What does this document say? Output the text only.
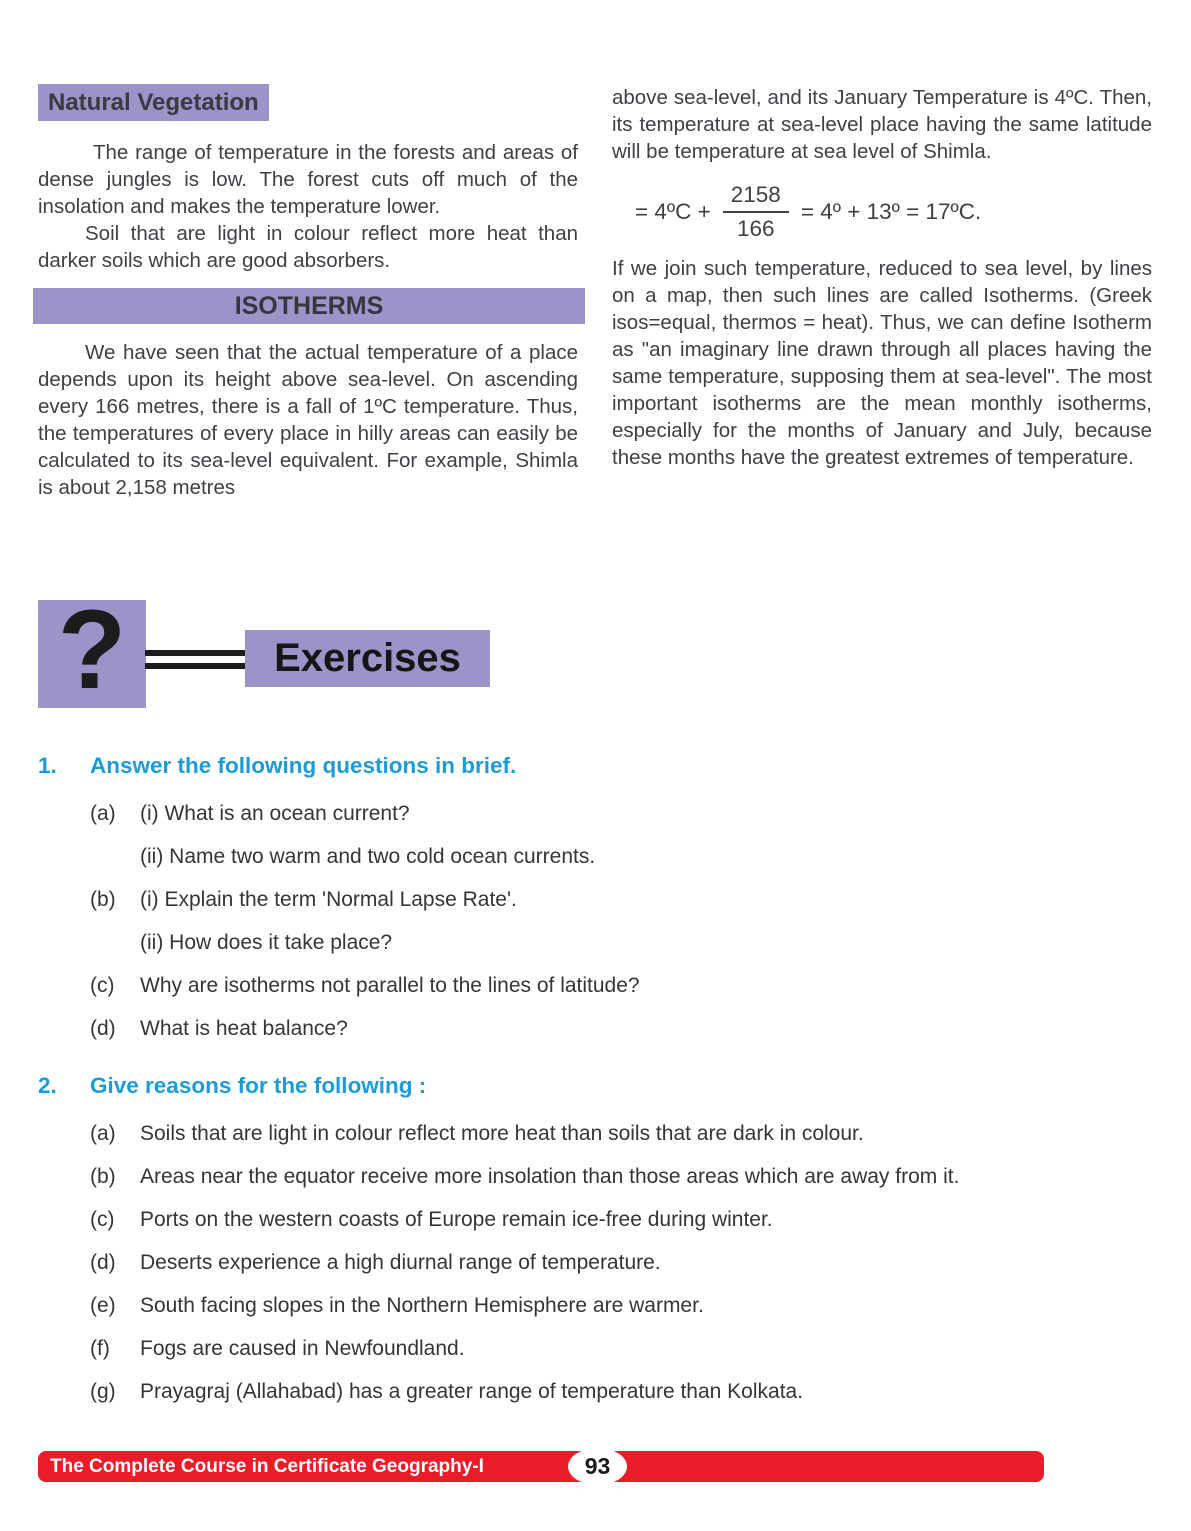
Natural Vegetation

The range of temperature in the forests and areas of dense jungles is low. The forest cuts off much of the insolation and makes the temperature lower.

Soil that are light in colour reflect more heat than darker soils which are good absorbers.

ISOTHERMS

We have seen that the actual temperature of a place depends upon its height above sea-level. On ascending every 166 metres, there is a fall of 1ºC temperature. Thus, the temperatures of every place in hilly areas can easily be calculated to its sea-level equivalent. For example, Shimla is about 2,158 metres

above sea-level, and its January Temperature is 4ºC. Then, its temperature at sea-level place having the same latitude will be temperature at sea level of Shimla.

= 4ºC + $\frac{2158}{166}$ = 4º + 13º = 17ºC.

If we join such temperature, reduced to sea level, by lines on a map, then such lines are called Isotherms. (Greek isos=equal, thermos = heat). Thus, we can define Isotherm as "an imaginary line drawn through all places having the same temperature, supposing them at sea-level". The most important isotherms are the mean monthly isotherms, especially for the months of January and July, because these months have the greatest extremes of temperature.

?	Exercises
1.	Answer the following questions in brief.
(a)	(i) What is an ocean current?
(ii) Name two warm and two cold ocean currents.
(b)	(i) Explain the term 'Normal Lapse Rate'.
(ii) How does it take place?
(c)	Why are isotherms not parallel to the lines of latitude?
(d)	What is heat balance?
2.	Give reasons for the following :
(a)	Soils that are light in colour reflect more heat than soils that are dark in colour.
(b)	Areas near the equator receive more insolation than those areas which are away from it.
(c)	Ports on the western coasts of Europe remain ice-free during winter.
(d)	Deserts experience a high diurnal range of temperature.
(e)	South facing slopes in the Northern Hemisphere are warmer.
(f)	Fogs are caused in Newfoundland.
(g)	Prayagraj (Allahabad) has a greater range of temperature than Kolkata.
The Complete Course in Certificate Geography-I	93
